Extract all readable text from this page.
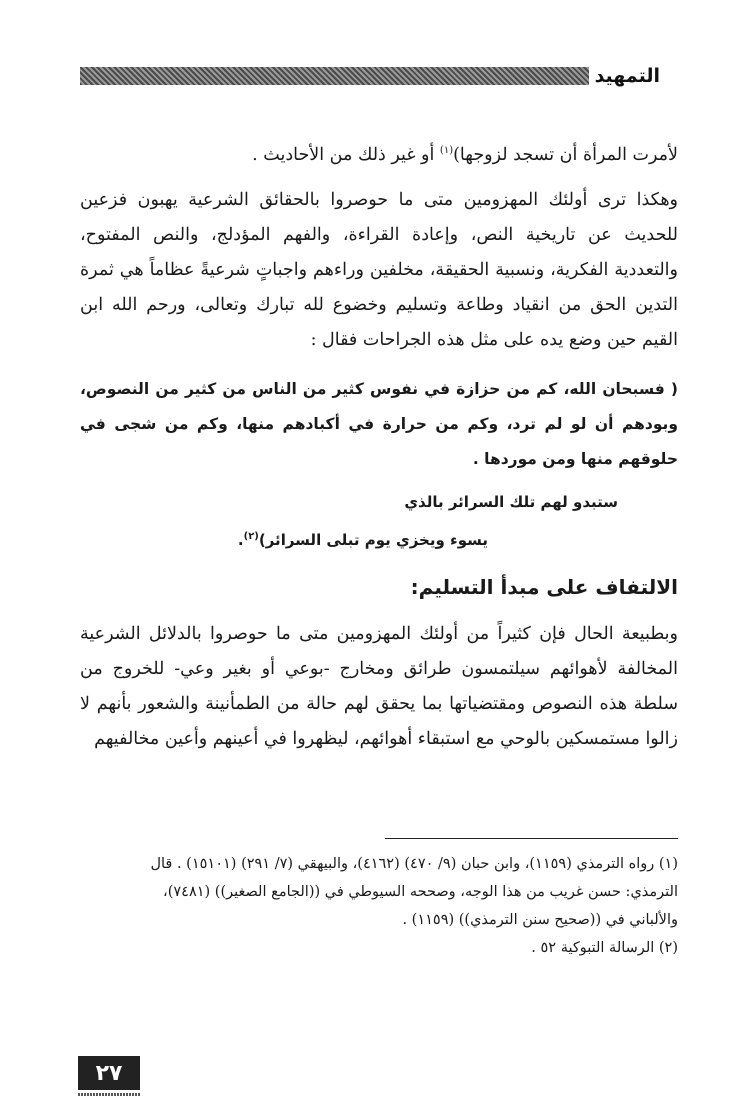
التمهيد

لأمرت المرأة أن تسجد لزوجها)$^{(١)}$ أو غير ذلك من الأحاديث .

وهكذا ترى أولئك المهزومين متى ما حوصروا بالحقائق الشرعية يهبون فزعين للحديث عن تاريخية النص، وإعادة القراءة، والفهم المؤدلج، والنص المفتوح، والتعددية الفكرية، ونسبية الحقيقة، مخلفين وراءهم واجباتٍ شرعيةً عظاماً هي ثمرة التدين الحق من انقياد وطاعة وتسليم وخضوع لله تبارك وتعالى، ورحم الله ابن القيم حين وضع يده على مثل هذه الجراحات فقال :

( فسبحان الله، كم من حزازة في نفوس كثير من الناس من كثير من النصوص، وبودهم أن لو لم ترد، وكم من حرارة في أكبادهم منها، وكم من شجى في حلوقهم منها ومن موردها .

ستبدو لهم تلك السرائر بالذي
يسوء ويخزي يوم تبلى السرائر)$^{(٢)}$.
الالتفاف على مبدأ التسليم:

وبطبيعة الحال فإن كثيراً من أولئك المهزومين متى ما حوصروا بالدلائل الشرعية المخالفة لأهوائهم سيلتمسون طرائق ومخارج -بوعي أو بغير وعي- للخروج من سلطة هذه النصوص ومقتضياتها بما يحقق لهم حالة من الطمأنينة والشعور بأنهم لا زالوا مستمسكين بالوحي مع استبقاء أهوائهم، ليظهروا في أعينهم وأعين مخالفيهم

(١) رواه الترمذي (١١٥٩)، وابن حبان (٩/ ٤٧٠) (٤١٦٢)، والبيهقي (٧/ ٢٩١) (١٥١٠١) . قال

الترمذي: حسن غريب من هذا الوجه، وصححه السيوطي في ((الجامع الصغير)) (٧٤٨١)،

والألباني في ((صحيح سنن الترمذي)) (١١٥٩) .

(٢) الرسالة التبوكية ٥٢ .

٢٧
